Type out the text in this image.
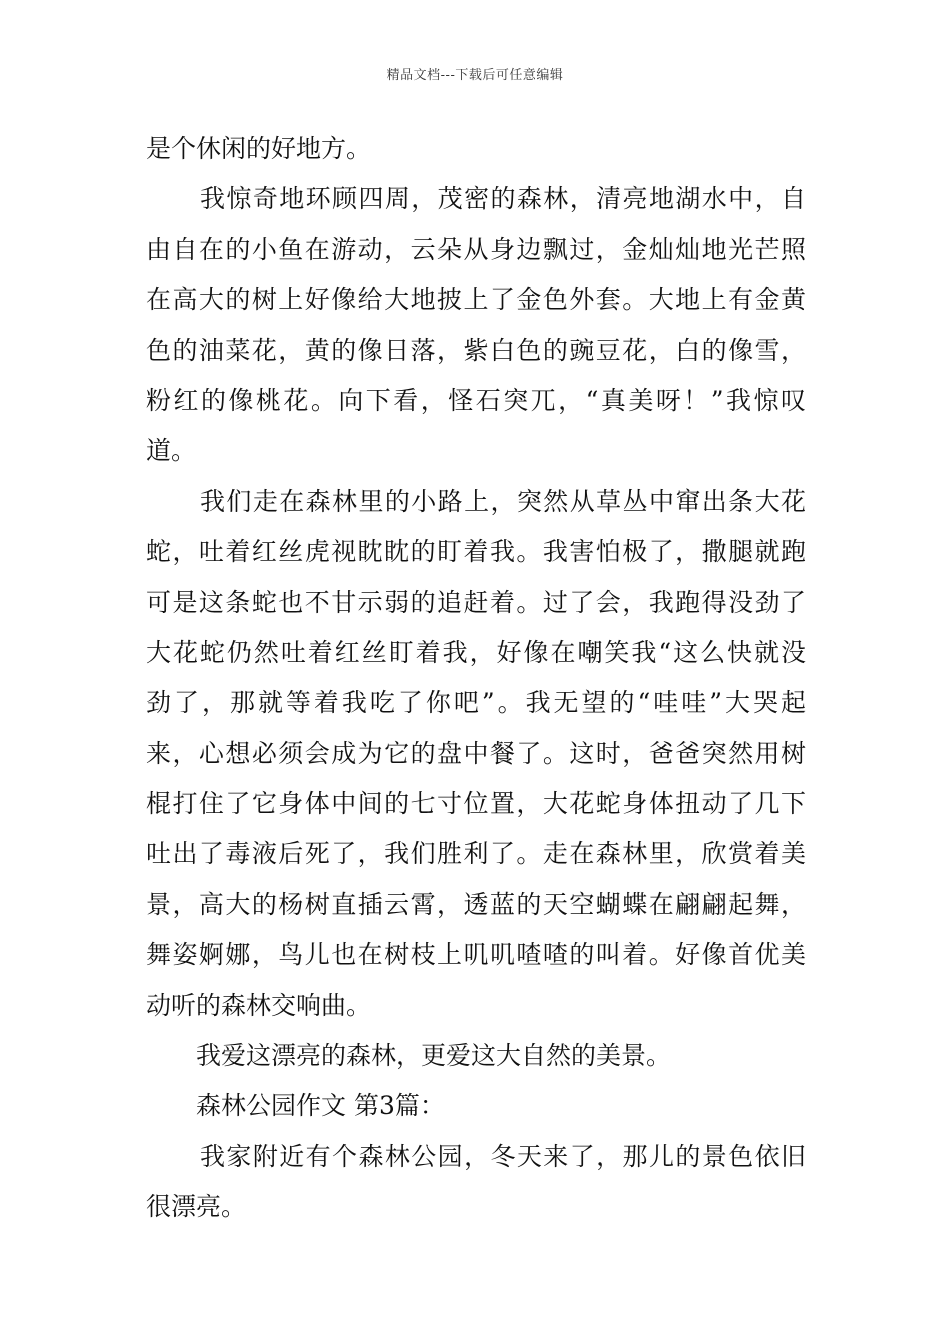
精品文档---下载后可任意编辑
是个休闲的好地方。
我惊奇地环顾四周，茂密的森林，清亮地湖水中，自
由自在的小鱼在游动，云朵从身边飘过，金灿灿地光芒照
在高大的树上好像给大地披上了金色外套。大地上有金黄
色的油菜花，黄的像日落，紫白色的豌豆花，白的像雪，
粉红的像桃花。向下看，怪石突兀，“真美呀！”我惊叹
道。
我们走在森林里的小路上，突然从草丛中窜出条大花
蛇，吐着红丝虎视眈眈的盯着我。我害怕极了，撒腿就跑
可是这条蛇也不甘示弱的追赶着。过了会，我跑得没劲了
大花蛇仍然吐着红丝盯着我，好像在嘲笑我“这么快就没
劲了，那就等着我吃了你吧”。我无望的“哇哇”大哭起
来，心想必须会成为它的盘中餐了。这时，爸爸突然用树
棍打住了它身体中间的七寸位置，大花蛇身体扭动了几下
吐出了毒液后死了，我们胜利了。走在森林里，欣赏着美
景，高大的杨树直插云霄，透蓝的天空蝴蝶在翩翩起舞，
舞姿婀娜，鸟儿也在树枝上叽叽喳喳的叫着。好像首优美
动听的森林交响曲。
我爱这漂亮的森林，更爱这大自然的美景。
森林公园作文 第3篇：
我家附近有个森林公园，冬天来了，那儿的景色依旧
很漂亮。
